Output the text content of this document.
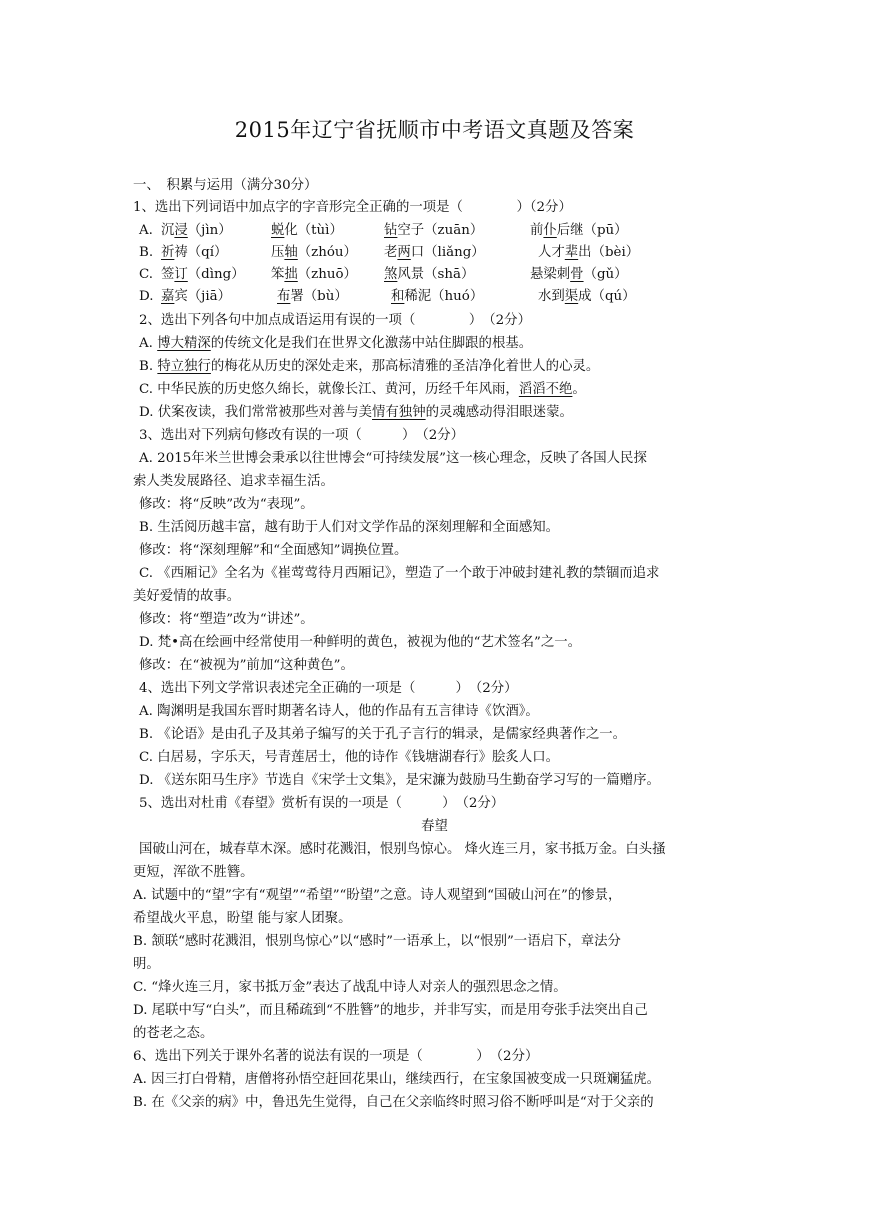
2015年辽宁省抚顺市中考语文真题及答案
一、　积累与运用（满分30分）
1、选出下列词语中加点字的字音形完全正确的一项是（　　　　）（2分）
A. 沉浸（jìn）	蜕化（tùì）	钻空子（zuān）	前仆后继（pū）
B. 祈祷（qí）	压轴（zhóu） 老两口（liǎng）	人才辈出（bèi）
C. 签订（dìng） 笨拙（zhuō） 煞风景（shā）	悬梁刺骨（gǔ）
D. 嘉宾（jiā）	布署（bù）	和稀泥（huó）	水到渠成（qú）
2、选出下列各句中加点成语运用有误的一项（　　　　）　（2分）
A. 博大精深的传统文化是我们在世界文化激荡中站住脚跟的根基。
B. 特立独行的梅花从历史的深处走来，那高标清雅的圣洁净化着世人的心灵。
C. 中华民族的历史悠久绵长，就像长江、黄河，历经千年风雨，滔滔不绝。
D. 伏案夜读，我们常常被那些对善与美情有独钟的灵魂感动得泪眼迷蒙。
3、选出对下列病句修改有误的一项（　　　）　（2分）
A. 2015年米兰世博会秉承以往世博会“可持续发展”这一核心理念，反映了各国人民探
索人类发展路径、追求幸福生活。
修改：将“反映”改为“表现”。
B. 生活阅历越丰富，越有助于人们对文学作品的深刻理解和全面感知。
修改：将“深刻理解”和“全面感知”调换位置。
C. 《西厢记》全名为《崔莺莺待月西厢记》，塑造了一个敢于冲破封建礼教的禁锢而追求
美好爱情的故事。
修改：将“塑造”改为“讲述”。
D. 梵•高在绘画中经常使用一种鲜明的黄色，被视为他的“艺术签名”之一。
修改：在“被视为”前加“这种黄色”。
4、选出下列文学常识表述完全正确的一项是（　　　）　（2分）
A. 陶渊明是我国东晋时期著名诗人，他的作品有五言律诗《饮酒》。
B. 《论语》是由孔子及其弟子编写的关于孔子言行的辑录，是儒家经典著作之一。
C. 白居易，字乐天，号青莲居士，他的诗作《钱塘湖春行》脍炙人口。
D. 《送东阳马生序》节选自《宋学士文集》，是宋濂为鼓励马生勤奋学习写的一篇赠序。
5、选出对杜甫《春望》赏析有误的一项是（　　　）　（2分）
春望
国破山河在，城春草木深。感时花溅泪，恨别鸟惊心。 烽火连三月，家书抵万金。白头搔
更短，浑欲不胜簪。
A. 试题中的“望”字有“观望”“希望”“盼望”之意。诗人观望到“国破山河在”的惨景，
希望战火平息，盼望 能与家人团聚。
B. 颔联“感时花溅泪，恨别鸟惊心”以“感时”一语承上，以“恨别”一语启下，章法分
明。
C. “烽火连三月，家书抵万金”表达了战乱中诗人对亲人的强烈思念之情。
D. 尾联中写“白头”，而且稀疏到“不胜簪”的地步，并非写实，而是用夸张手法突出自己
的苍老之态。
6、选出下列关于课外名著的说法有误的一项是（　　　　）　（2分）
A. 因三打白骨精，唐僧将孙悟空赶回花果山，继续西行，在宝象国被变成一只斑斓猛虎。
B. 在《父亲的病》中，鲁迅先生觉得，自己在父亲临终时照习俗不断呼叫是“对于父亲的
